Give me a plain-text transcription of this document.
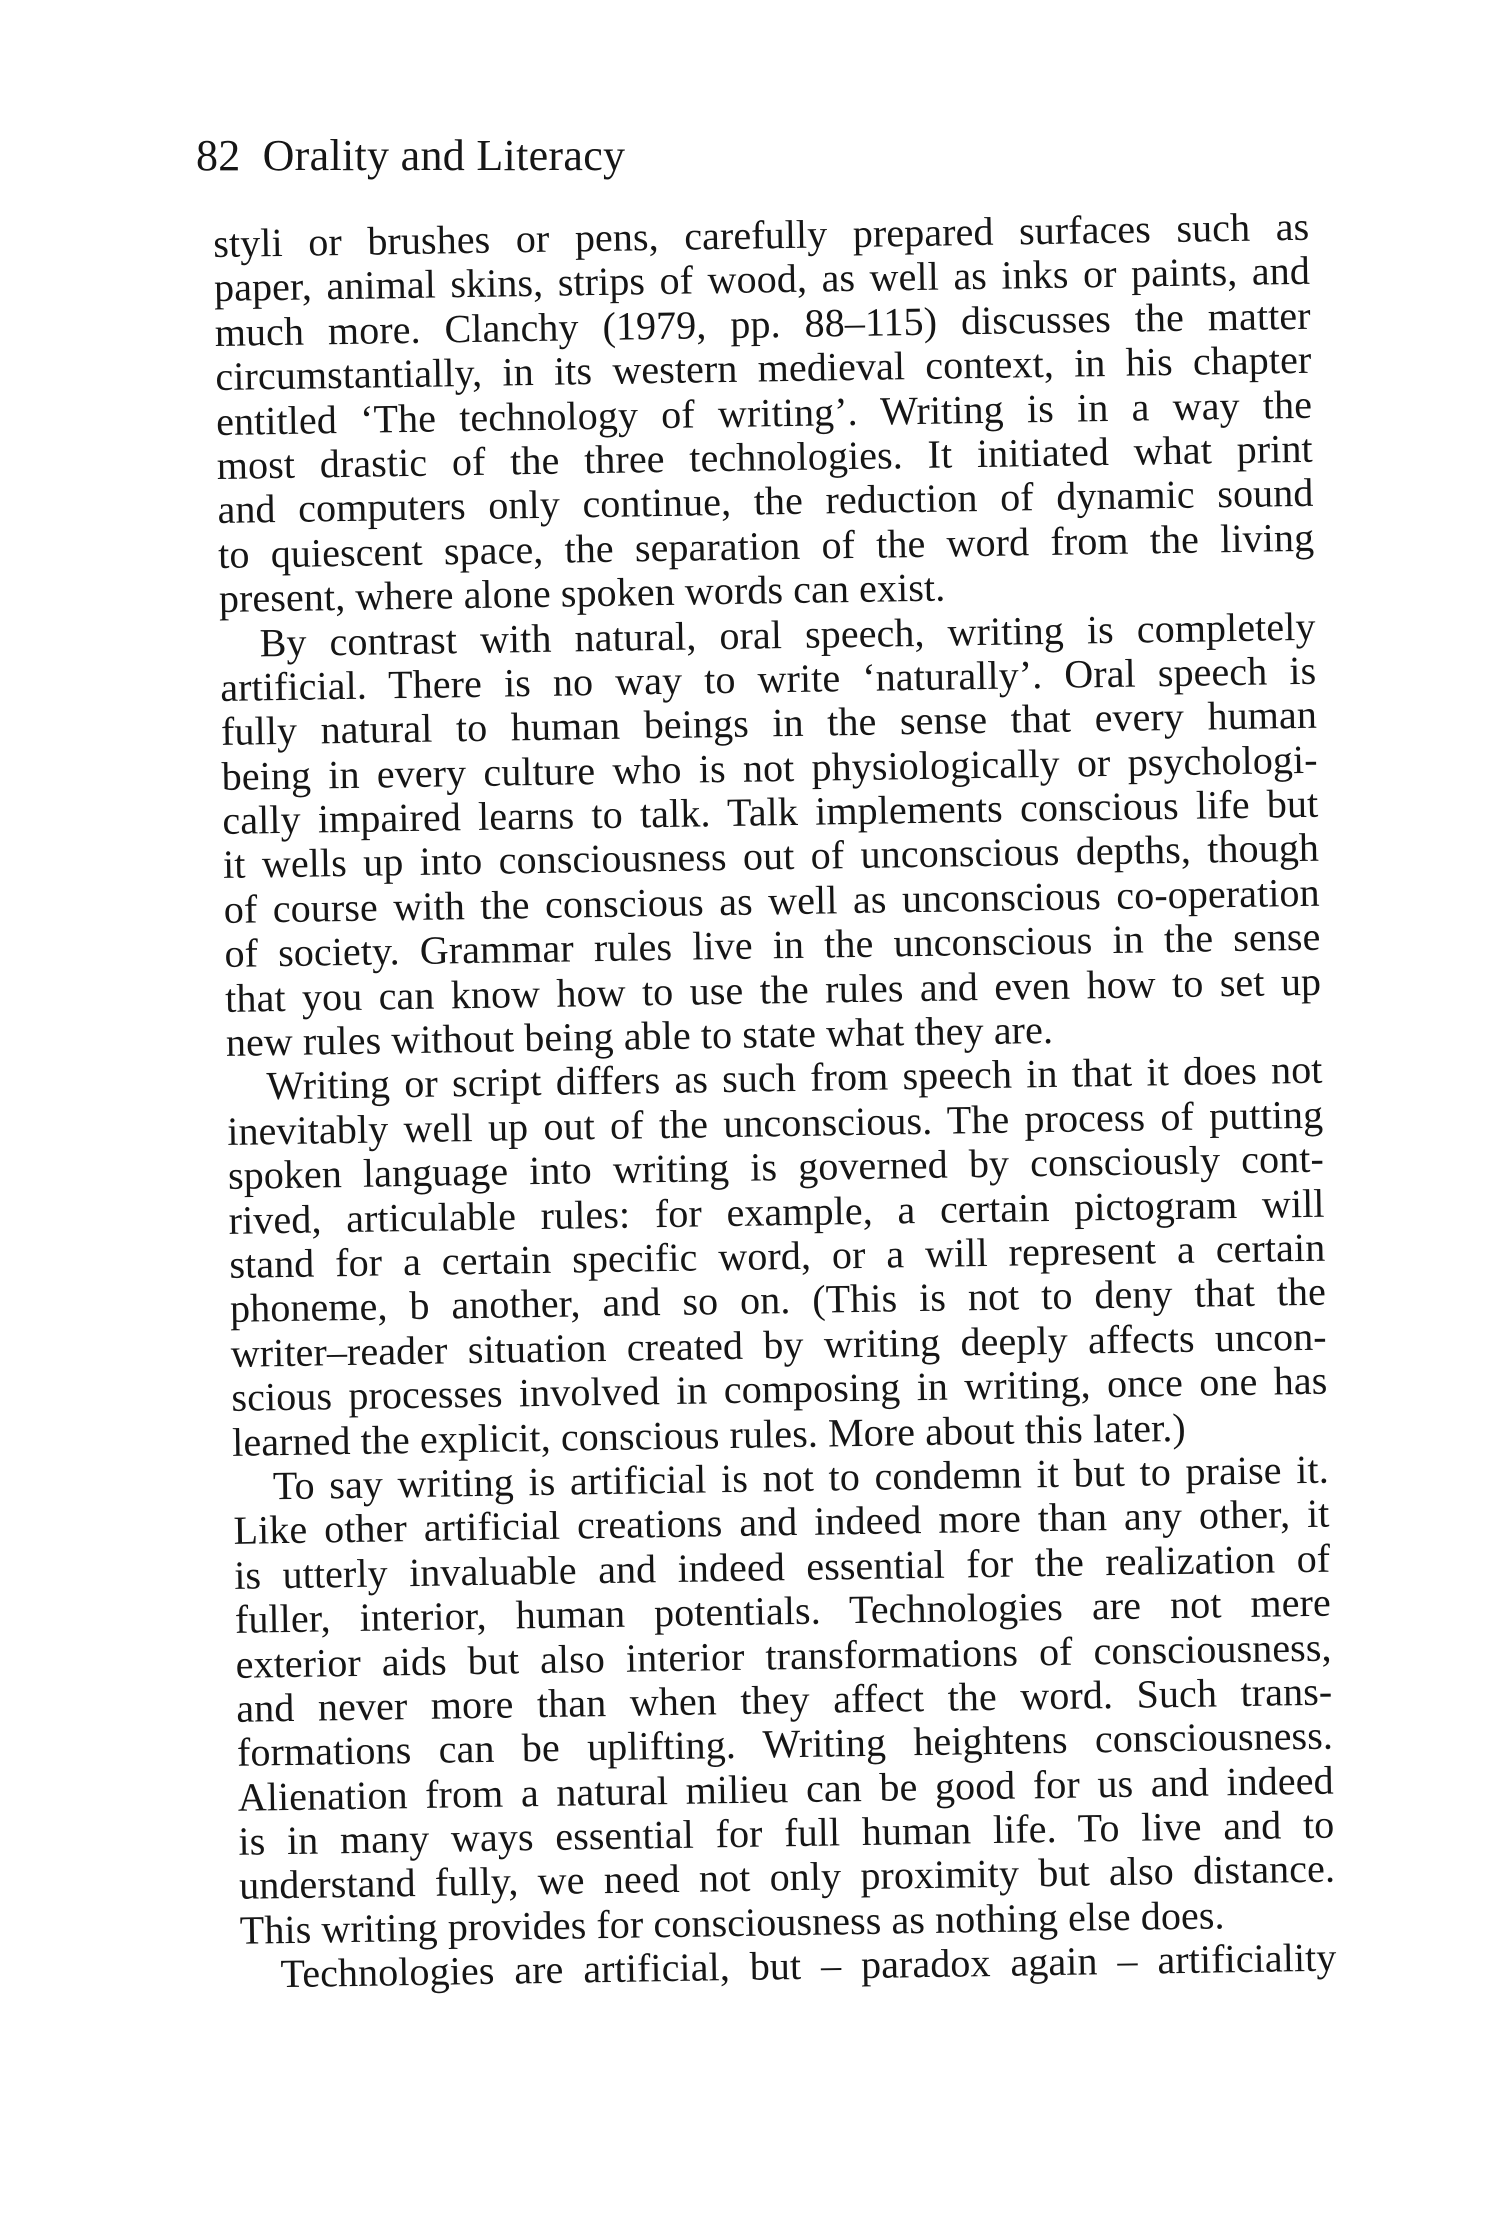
82 Orality and Literacy
styli or brushes or pens, carefully prepared surfaces such as
paper, animal skins, strips of wood, as well as inks or paints, and
much more. Clanchy (1979, pp. 88–115) discusses the matter
circumstantially, in its western medieval context, in his chapter
entitled ‘The technology of writing’. Writing is in a way the
most drastic of the three technologies. It initiated what print
and computers only continue, the reduction of dynamic sound
to quiescent space, the separation of the word from the living
present, where alone spoken words can exist.
By contrast with natural, oral speech, writing is completely
artificial. There is no way to write ‘naturally’. Oral speech is
fully natural to human beings in the sense that every human
being in every culture who is not physiologically or psychologi-
cally impaired learns to talk. Talk implements conscious life but
it wells up into consciousness out of unconscious depths, though
of course with the conscious as well as unconscious co-operation
of society. Grammar rules live in the unconscious in the sense
that you can know how to use the rules and even how to set up
new rules without being able to state what they are.
Writing or script differs as such from speech in that it does not
inevitably well up out of the unconscious. The process of putting
spoken language into writing is governed by consciously cont-
rived, articulable rules: for example, a certain pictogram will
stand for a certain specific word, or a will represent a certain
phoneme, b another, and so on. (This is not to deny that the
writer–reader situation created by writing deeply affects uncon-
scious processes involved in composing in writing, once one has
learned the explicit, conscious rules. More about this later.)
To say writing is artificial is not to condemn it but to praise it.
Like other artificial creations and indeed more than any other, it
is utterly invaluable and indeed essential for the realization of
fuller, interior, human potentials. Technologies are not mere
exterior aids but also interior transformations of consciousness,
and never more than when they affect the word. Such trans-
formations can be uplifting. Writing heightens consciousness.
Alienation from a natural milieu can be good for us and indeed
is in many ways essential for full human life. To live and to
understand fully, we need not only proximity but also distance.
This writing provides for consciousness as nothing else does.
Technologies are artificial, but – paradox again – artificiality
